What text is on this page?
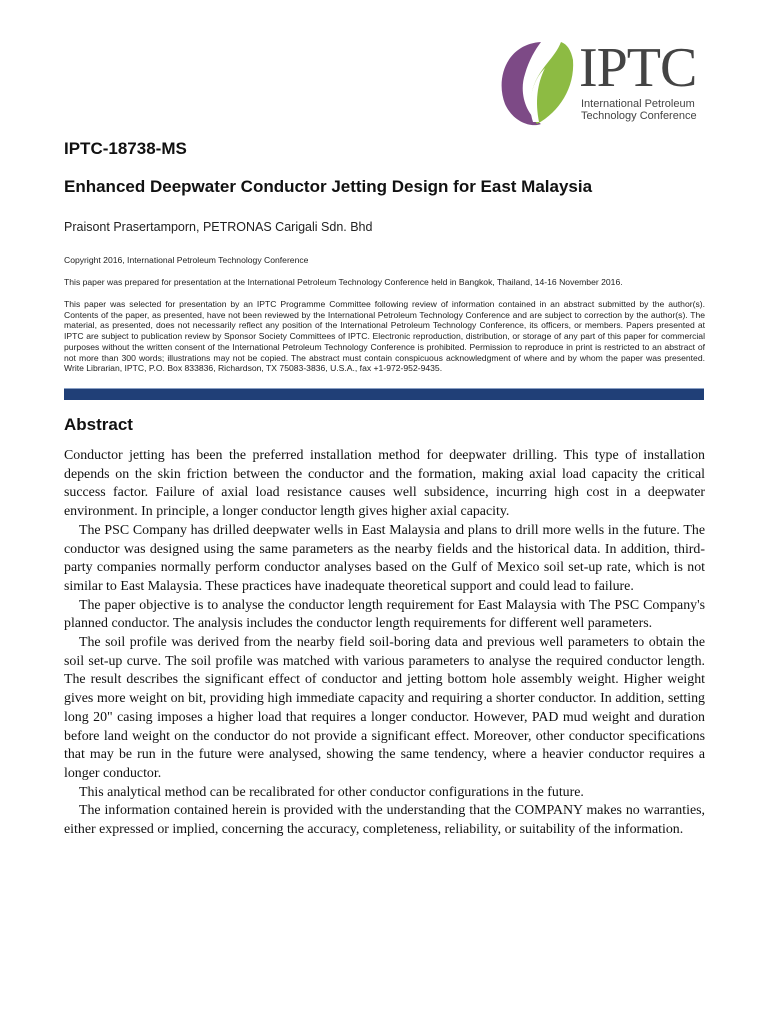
IPTC
International Petroleum
Technology Conference
IPTC-18738-MS
Enhanced Deepwater Conductor Jetting Design for East Malaysia
Praisont Prasertamporn, PETRONAS Carigali Sdn. Bhd
Copyright 2016, International Petroleum Technology Conference
This paper was prepared for presentation at the International Petroleum Technology Conference held in Bangkok, Thailand, 14-16 November 2016.
This paper was selected for presentation by an IPTC Programme Committee following review of information contained in an abstract submitted by the author(s). Contents of the paper, as presented, have not been reviewed by the International Petroleum Technology Conference and are subject to correction by the author(s). The material, as presented, does not necessarily reflect any position of the International Petroleum Technology Conference, its officers, or members. Papers presented at IPTC are subject to publication review by Sponsor Society Committees of IPTC. Electronic reproduction, distribution, or storage of any part of this paper for commercial purposes without the written consent of the International Petroleum Technology Conference is prohibited. Permission to reproduce in print is restricted to an abstract of not more than 300 words; illustrations may not be copied. The abstract must contain conspicuous acknowledgment of where and by whom the paper was presented. Write Librarian, IPTC, P.O. Box 833836, Richardson, TX 75083-3836, U.S.A., fax +1-972-952-9435.
Abstract

Conductor jetting has been the preferred installation method for deepwater drilling. This type of installation depends on the skin friction between the conductor and the formation, making axial load capacity the critical success factor. Failure of axial load resistance causes well subsidence, incurring high cost in a deepwater environment. In principle, a longer conductor length gives higher axial capacity.

The PSC Company has drilled deepwater wells in East Malaysia and plans to drill more wells in the future. The conductor was designed using the same parameters as the nearby fields and the historical data. In addition, third-party companies normally perform conductor analyses based on the Gulf of Mexico soil set-up rate, which is not similar to East Malaysia. These practices have inadequate theoretical support and could lead to failure.

The paper objective is to analyse the conductor length requirement for East Malaysia with The PSC Company's planned conductor. The analysis includes the conductor length requirements for different well parameters.

The soil profile was derived from the nearby field soil-boring data and previous well parameters to obtain the soil set-up curve. The soil profile was matched with various parameters to analyse the required conductor length. The result describes the significant effect of conductor and jetting bottom hole assembly weight. Higher weight gives more weight on bit, providing high immediate capacity and requiring a shorter conductor. In addition, setting long 20" casing imposes a higher load that requires a longer conductor. However, PAD mud weight and duration before land weight on the conductor do not provide a significant effect. Moreover, other conductor specifications that may be run in the future were analysed, showing the same tendency, where a heavier conductor requires a longer conductor.

This analytical method can be recalibrated for other conductor configurations in the future.

The information contained herein is provided with the understanding that the COMPANY makes no warranties, either expressed or implied, concerning the accuracy, completeness, reliability, or suitability of the information.
